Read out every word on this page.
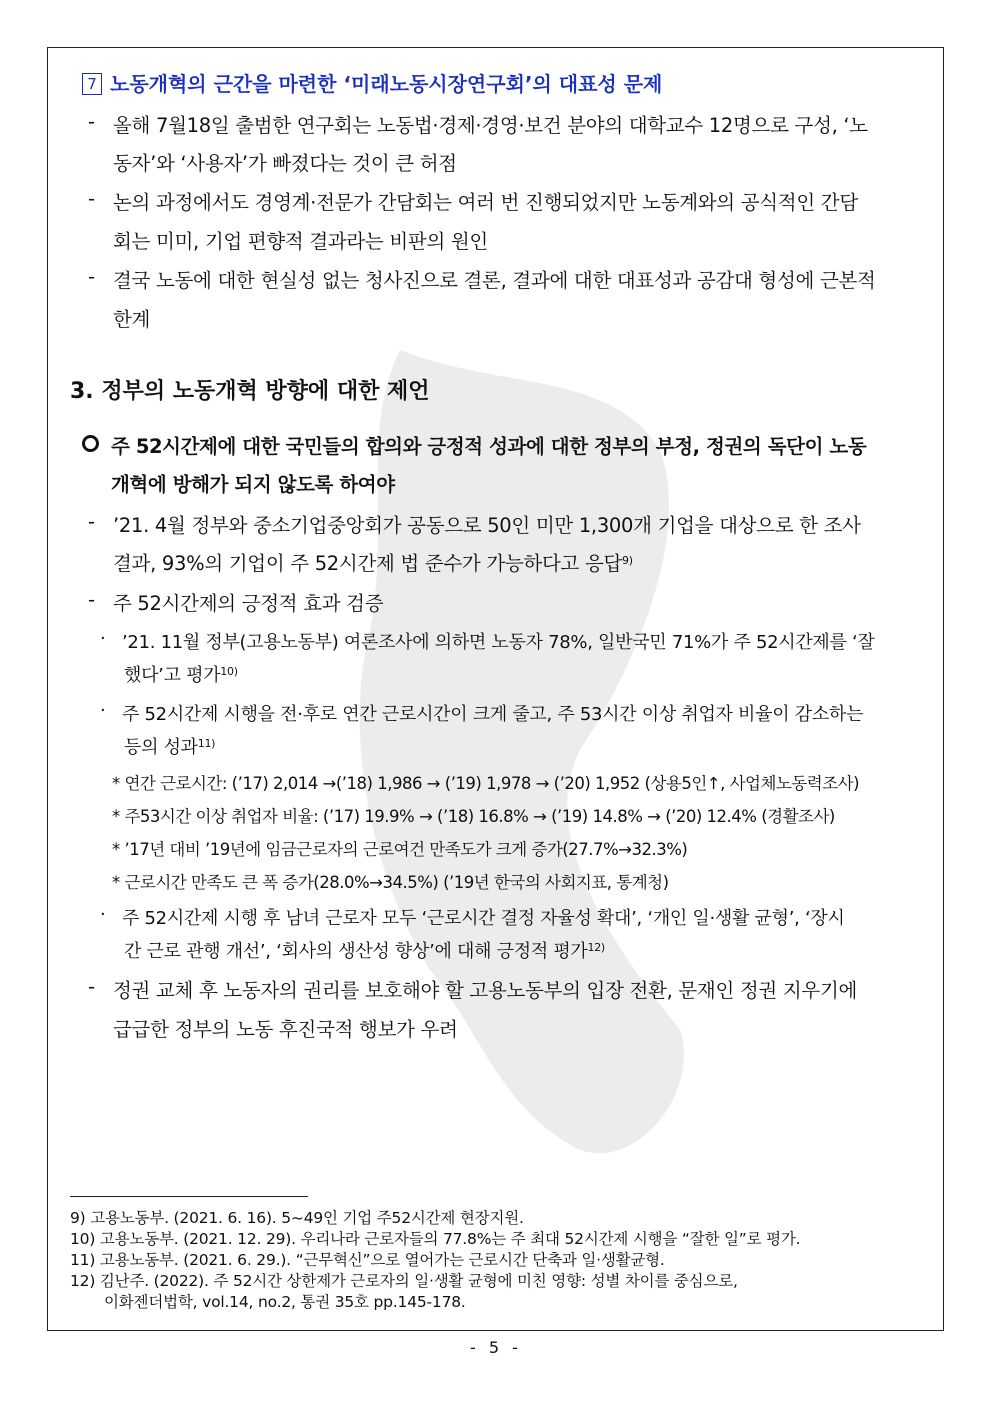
7 노동개혁의 근간을 마련한 ‘미래노동시장연구회’의 대표성 문제
- 올해 7월18일 출범한 연구회는 노동법·경제·경영·보건 분야의 대학교수 12명으로 구성, ‘노
동자’와 ‘사용자’가 빠졌다는 것이 큰 허점
- 논의 과정에서도 경영계·전문가 간담회는 여러 번 진행되었지만 노동계와의 공식적인 간담
회는 미미, 기업 편향적 결과라는 비판의 원인
- 결국 노동에 대한 현실성 없는 청사진으로 결론, 결과에 대한 대표성과 공감대 형성에 근본적
한계
3. 정부의 노동개혁 방향에 대한 제언
주 52시간제에 대한 국민들의 합의와 긍정적 성과에 대한 정부의 부정, 정권의 독단이 노동
개혁에 방해가 되지 않도록 하여야
- ’21. 4월 정부와 중소기업중앙회가 공동으로 50인 미만 1,300개 기업을 대상으로 한 조사
결과, 93%의 기업이 주 52시간제 법 준수가 가능하다고 응답$^{9)}$
- 주 52시간제의 긍정적 효과 검증
· ’21. 11월 정부(고용노동부) 여론조사에 의하면 노동자 78%, 일반국민 71%가 주 52시간제를 ‘잘
했다’고 평가$^{10)}$
· 주 52시간제 시행을 전·후로 연간 근로시간이 크게 줄고, 주 53시간 이상 취업자 비율이 감소하는
등의 성과$^{11)}$
* 연간 근로시간: (’17) 2,014 →(’18) 1,986 → (’19) 1,978 → (’20) 1,952 (상용5인↑, 사업체노동력조사)
* 주53시간 이상 취업자 비율: (’17) 19.9% → (’18) 16.8% → (’19) 14.8% → (’20) 12.4% (경활조사)
* ’17년 대비 ’19년에 임금근로자의 근로여건 만족도가 크게 증가(27.7%→32.3%)
* 근로시간 만족도 큰 폭 증가(28.0%→34.5%) (’19년 한국의 사회지표, 통계청)
· 주 52시간제 시행 후 남녀 근로자 모두 ‘근로시간 결정 자율성 확대’, ‘개인 일·생활 균형’, ‘장시
간 근로 관행 개선’, ‘회사의 생산성 향상’에 대해 긍정적 평가$^{12)}$
- 정권 교체 후 노동자의 권리를 보호해야 할 고용노동부의 입장 전환, 문재인 정권 지우기에
급급한 정부의 노동 후진국적 행보가 우려
9) 고용노동부. (2021. 6. 16). 5~49인 기업 주52시간제 현장지원.
10) 고용노동부. (2021. 12. 29). 우리나라 근로자들의 77.8%는 주 최대 52시간제 시행을 “잘한 일”로 평가.
11) 고용노동부. (2021. 6. 29.). “근무혁신”으로 열어가는 근로시간 단축과 일·생활균형.
12) 김난주. (2022). 주 52시간 상한제가 근로자의 일·생활 균형에 미친 영향: 성별 차이를 중심으로,
이화젠더법학, vol.14, no.2, 통권 35호 pp.145-178.
- 5 -
